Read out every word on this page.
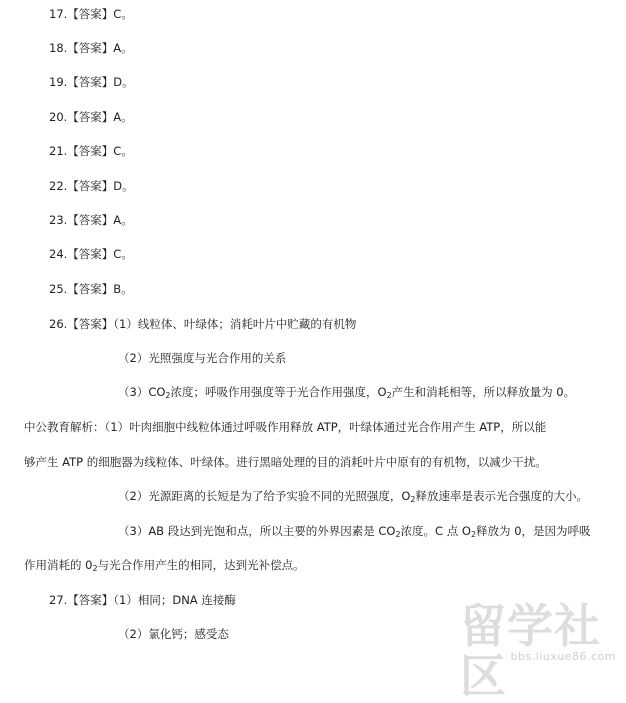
17.【答案】C。
18.【答案】A。
19.【答案】D。
20.【答案】A。
21.【答案】C。
22.【答案】D。
23.【答案】A。
24.【答案】C。
25.【答案】B。
26.【答案】（1）线粒体、叶绿体；消耗叶片中贮藏的有机物
（2）光照强度与光合作用的关系
$(3)CO_2$浓度；呼吸作用强度等于光合作用强度，$O_2$产生和消耗相等，所以释放量为 0。
中公教育解析：（1）叶肉细胞中线粒体通过呼吸作用释放 ATP，叶绿体通过光合作用产生 ATP，所以能
够产生 ATP 的细胞器为线粒体、叶绿体。进行黑暗处理的目的消耗叶片中原有的有机物，以减少干扰。
（2）光源距离的长短是为了给予实验不同的光照强度，$O_2$释放速率是表示光合强度的大小。
（3）AB 段达到光饱和点，所以主要的外界因素是 $CO_2$浓度。C 点 $O_2$释放为 0，是因为呼吸
作用消耗的 $0_2$与光合作用产生的相同，达到光补偿点。
27.【答案】（1）相同；DNA 连接酶
（2）氯化钙；感受态	留学社区 bbs.liuxue86.com
